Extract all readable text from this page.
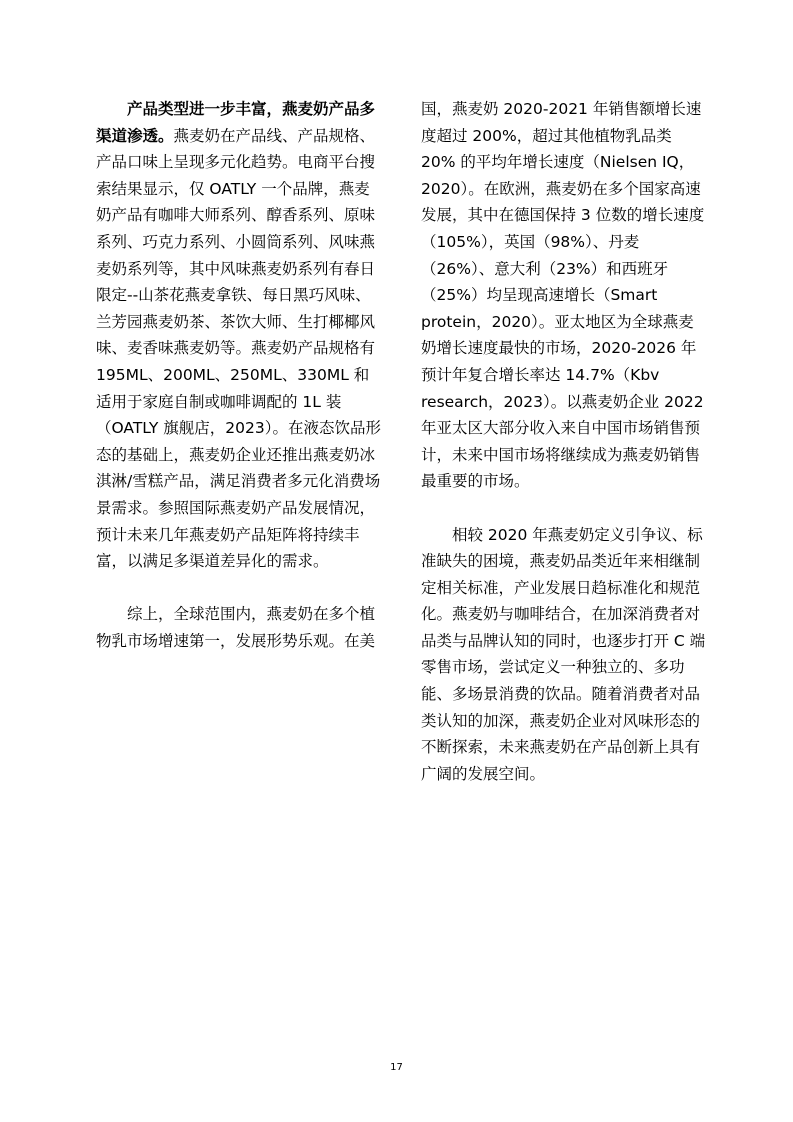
产品类型进一步丰富，燕麦奶产品多渠道渗透。燕麦奶在产品线、产品规格、产品口味上呈现多元化趋势。电商平台搜索结果显示，仅 OATLY 一个品牌，燕麦奶产品有咖啡大师系列、醇香系列、原味系列、巧克力系列、小圆筒系列、风味燕麦奶系列等，其中风味燕麦奶系列有春日限定--山茶花燕麦拿铁、每日黑巧风味、兰芳园燕麦奶茶、茶饮大师、生打椰椰风味、麦香味燕麦奶等。燕麦奶产品规格有 195ML、200ML、250ML、330ML 和适用于家庭自制或咖啡调配的 1L 装（OATLY 旗舰店，2023）。在液态饮品形态的基础上，燕麦奶企业还推出燕麦奶冰淇淋/雪糕产品，满足消费者多元化消费场景需求。参照国际燕麦奶产品发展情况，预计未来几年燕麦奶产品矩阵将持续丰富，以满足多渠道差异化的需求。

综上，全球范围内，燕麦奶在多个植物乳市场增速第一，发展形势乐观。在美

国，燕麦奶 2020-2021 年销售额增长速度超过 200%，超过其他植物乳品类 20% 的平均年增长速度（Nielsen IQ，2020）。在欧洲，燕麦奶在多个国家高速发展，其中在德国保持 3 位数的增长速度（105%），英国（98%）、丹麦（26%）、意大利（23%）和西班牙（25%）均呈现高速增长（Smart protein，2020）。亚太地区为全球燕麦奶增长速度最快的市场，2020-2026 年预计年复合增长率达 14.7%（Kbv research，2023）。以燕麦奶企业 2022 年亚太区大部分收入来自中国市场销售预计，未来中国市场将继续成为燕麦奶销售最重要的市场。

相较 2020 年燕麦奶定义引争议、标准缺失的困境，燕麦奶品类近年来相继制定相关标准，产业发展日趋标准化和规范化。燕麦奶与咖啡结合，在加深消费者对品类与品牌认知的同时，也逐步打开 C 端零售市场，尝试定义一种独立的、多功能、多场景消费的饮品。随着消费者对品类认知的加深，燕麦奶企业对风味形态的不断探索，未来燕麦奶在产品创新上具有广阔的发展空间。

17
